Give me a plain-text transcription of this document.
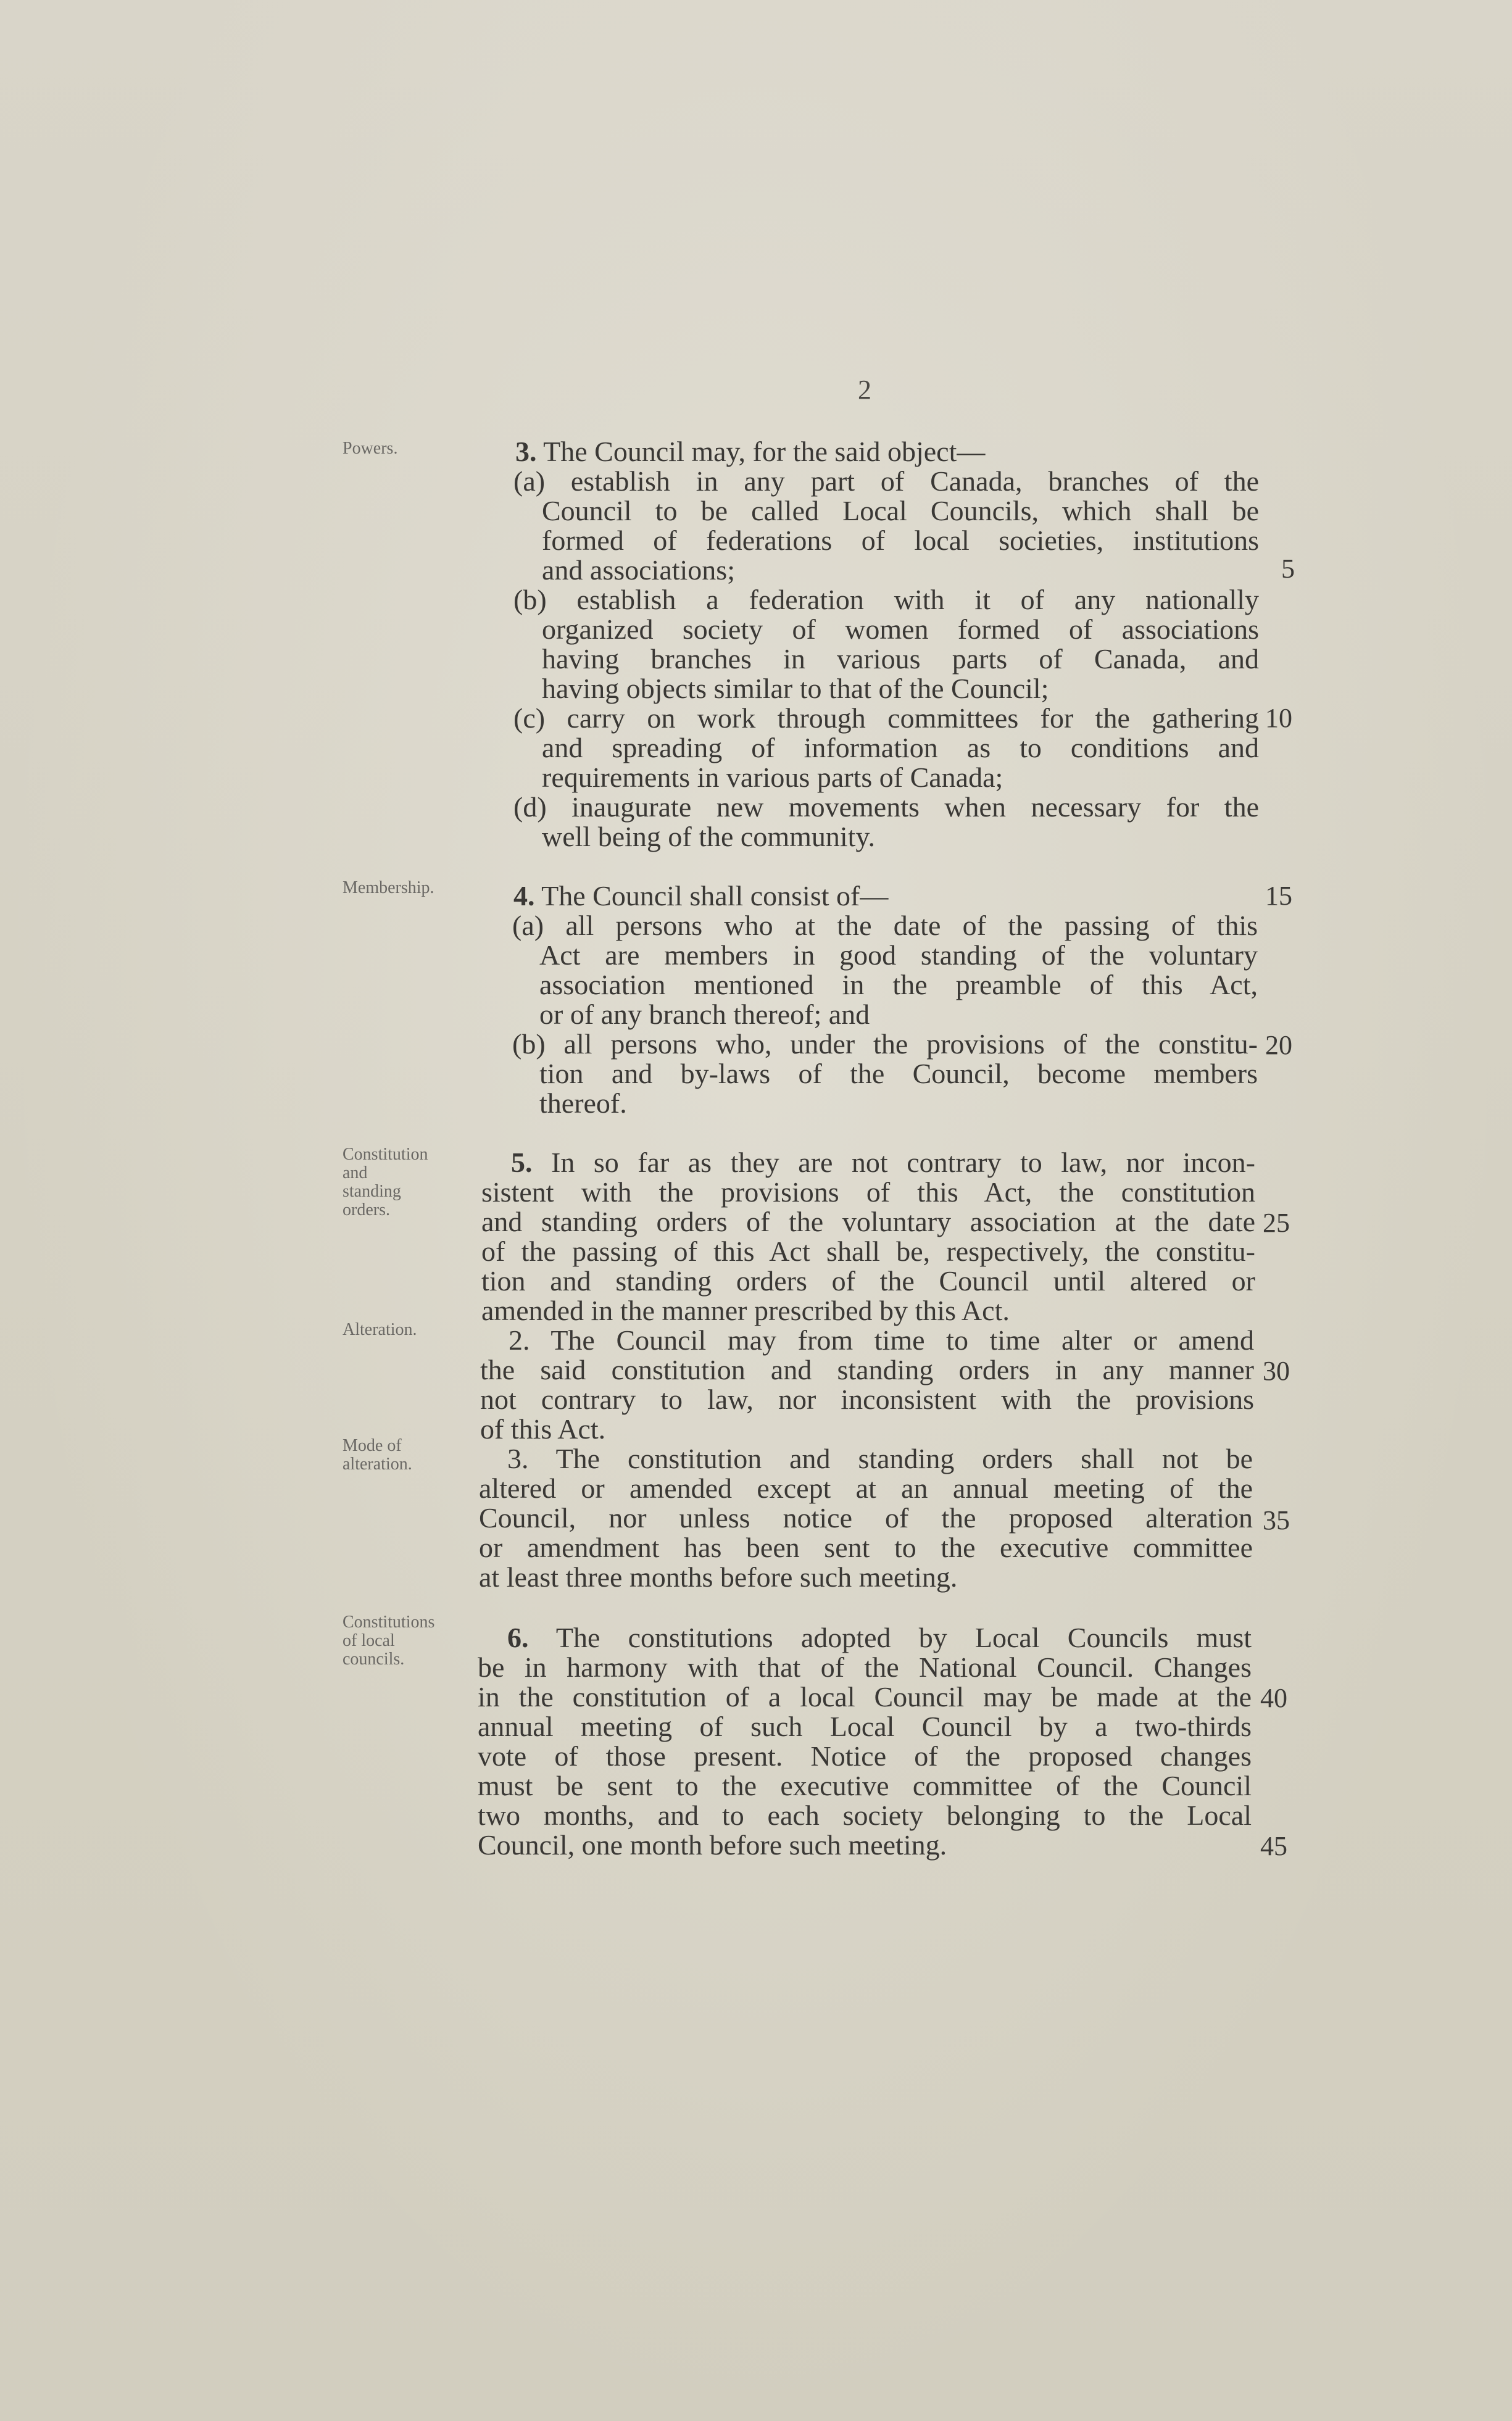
2
Powers.
Membership.
Constitution
and
standing
orders.
Alteration.
Mode of
alteration.
Constitutions
of local
councils.
5
10
15
20
25
30
35
40
45
3. The Council may, for the said object—
(a) establish in any part of Canada, branches of the
Council to be called Local Councils, which shall be
formed of federations of local societies, institutions
and associations;
(b) establish a federation with it of any nationally
organized society of women formed of associations
having branches in various parts of Canada, and
having objects similar to that of the Council;
(c) carry on work through committees for the gathering
and spreading of information as to conditions and
requirements in various parts of Canada;
(d) inaugurate new movements when necessary for the
well being of the community.
4. The Council shall consist of—
(a) all persons who at the date of the passing of this
Act are members in good standing of the voluntary
association mentioned in the preamble of this Act,
or of any branch thereof; and
(b) all persons who, under the provisions of the constitu-
tion and by-laws of the Council, become members
thereof.
5. In so far as they are not contrary to law, nor incon-
sistent with the provisions of this Act, the constitution
and standing orders of the voluntary association at the date
of the passing of this Act shall be, respectively, the constitu-
tion and standing orders of the Council until altered or
amended in the manner prescribed by this Act.
2. The Council may from time to time alter or amend
the said constitution and standing orders in any manner
not contrary to law, nor inconsistent with the provisions
of this Act.
3. The constitution and standing orders shall not be
altered or amended except at an annual meeting of the
Council, nor unless notice of the proposed alteration
or amendment has been sent to the executive committee
at least three months before such meeting.
6. The constitutions adopted by Local Councils must
be in harmony with that of the National Council. Changes
in the constitution of a local Council may be made at the
annual meeting of such Local Council by a two-thirds
vote of those present. Notice of the proposed changes
must be sent to the executive committee of the Council
two months, and to each society belonging to the Local
Council, one month before such meeting.
